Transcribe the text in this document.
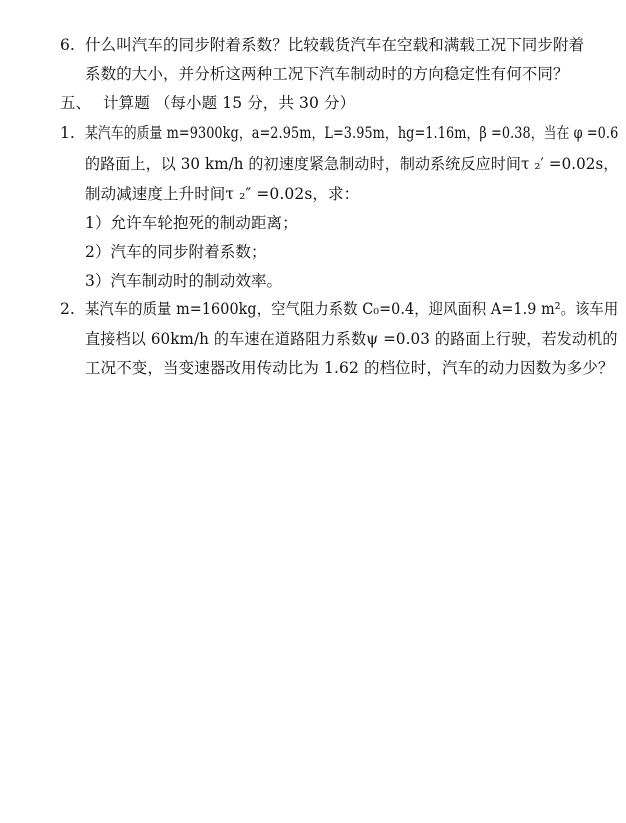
6. 什么叫汽车的同步附着系数？比较载货汽车在空载和满载工况下同步附着
系数的大小，并分析这两种工况下汽车制动时的方向稳定性有何不同？
五、 计算题 （每小题 15 分，共 30 分）
1. 某汽车的质量 m=9300kg，a=2.95m，L=3.95m，hg=1.16m，β =0.38，当在 φ =0.6
的路面上，以 30 km/h 的初速度紧急制动时，制动系统反应时间τ ₂′ =0.02s，
制动减速度上升时间τ ₂″ =0.02s，求：
1）允许车轮抱死的制动距离；
2）汽车的同步附着系数；
3）汽车制动时的制动效率。
2. 某汽车的质量 m=1600kg，空气阻力系数 C₀=0.4，迎风面积 A=1.9 m²。该车用
直接档以 60km/h 的车速在道路阻力系数ψ =0.03 的路面上行驶，若发动机的
工况不变，当变速器改用传动比为 1.62 的档位时，汽车的动力因数为多少？
